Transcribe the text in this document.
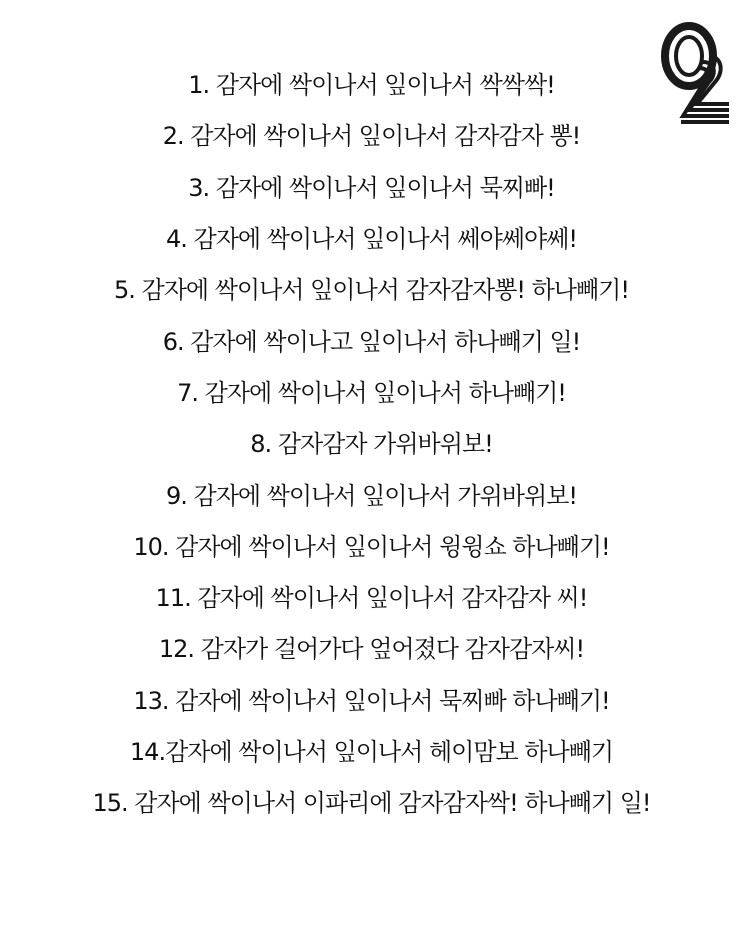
1. 감자에 싹이나서 잎이나서 싹싹싹!
2. 감자에 싹이나서 잎이나서 감자감자 뽕!
3. 감자에 싹이나서 잎이나서 묵찌빠!
4. 감자에 싹이나서 잎이나서 쎄야쎄야쎄!
5. 감자에 싹이나서 잎이나서 감자감자뽕! 하나빼기!
6. 감자에 싹이나고 잎이나서 하나빼기 일!
7. 감자에 싹이나서 잎이나서 하나빼기!
8. 감자감자 가위바위보!
9. 감자에 싹이나서 잎이나서 가위바위보!
10. 감자에 싹이나서 잎이나서 윙윙쇼 하나빼기!
11. 감자에 싹이나서 잎이나서 감자감자 씨!
12. 감자가 걸어가다 엎어졌다 감자감자씨!
13. 감자에 싹이나서 잎이나서 묵찌빠 하나빼기!
14.감자에 싹이나서 잎이나서 헤이맘보 하나빼기
15. 감자에 싹이나서 이파리에 감자감자싹! 하나빼기 일!
